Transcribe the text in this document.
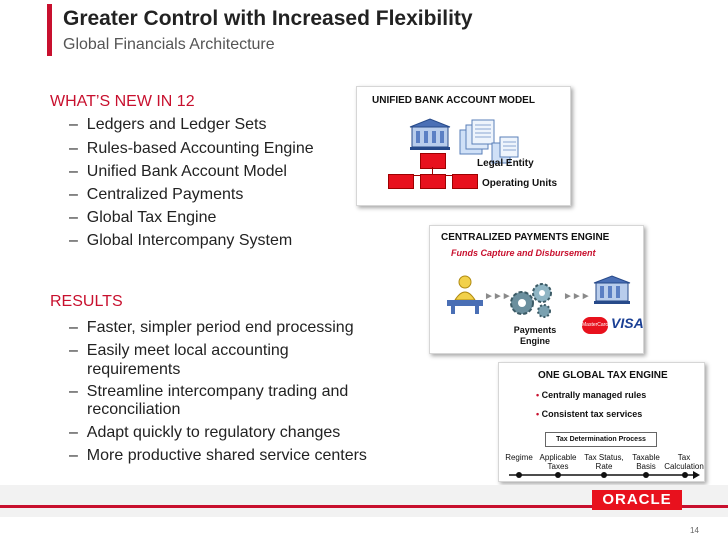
Greater Control with Increased Flexibility
Global Financials Architecture
WHAT’S NEW IN 12
–  Ledgers and Ledger Sets
–  Rules-based Accounting Engine
–  Unified Bank Account Model
–  Centralized Payments
–  Global Tax Engine
–  Global Intercompany System
RESULTS
–  Faster, simpler period end processing
–  Easily meet local accounting
requirements
–  Streamline intercompany trading and
reconciliation
–  Adapt quickly to regulatory changes
–  More productive shared service centers
UNIFIED BANK ACCOUNT MODEL
Legal Entity
Operating Units
CENTRALIZED PAYMENTS ENGINE
Funds Capture and Disbursement
►►►	►►►
Payments
Engine
MasterCard VISA
ONE GLOBAL TAX ENGINE
• Centrally managed rules
• Consistent tax services
Tax Determination Process
Regime Applicable
Taxes
Tax Status,
Rate
Taxable
Basis
Tax
Calculation
ORACLE
14
